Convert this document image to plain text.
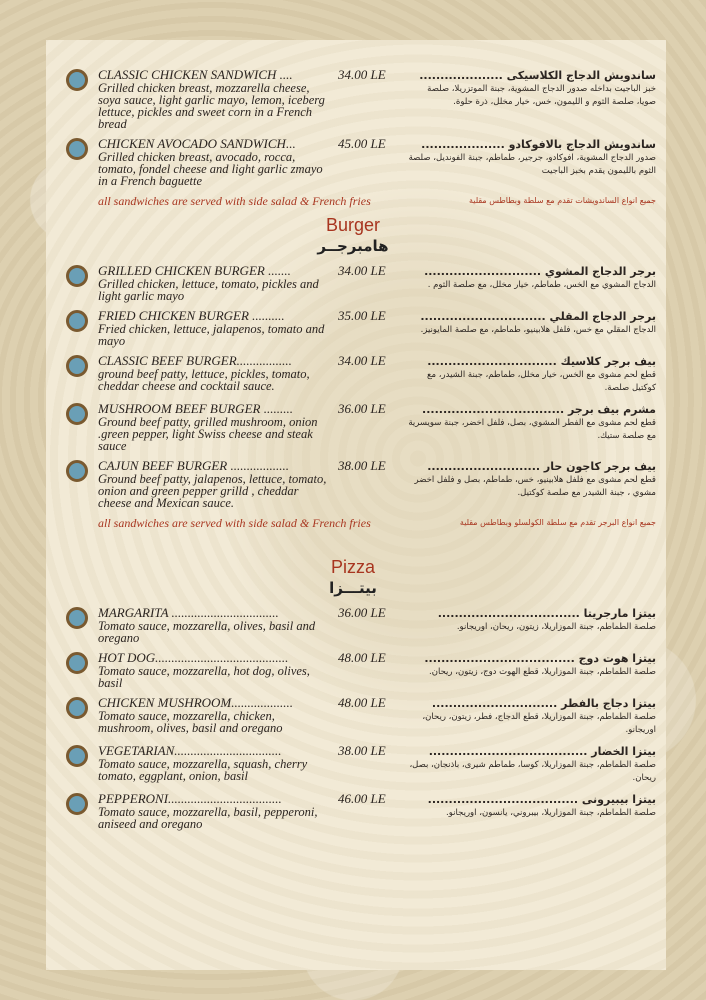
CLASSIC CHICKEN SANDWICH ....
Grilled chicken breast, mozzarella cheese, soya sauce, light garlic mayo, lemon, iceberg lettuce, pickles and sweet corn in a French bread
34.00 LE	ساندويش الدجاج الكلاسيكى ....................
خبز الباجيت بداخله صدور الدجاج المشوية، جبنة الموتزريلا، صلصة صويا، صلصة الثوم و الليمون، خس، خيار مخلل، ذرة حلوة.
CHICKEN AVOCADO SANDWICH...
Grilled chicken breast, avocado, rocca, tomato, fondel cheese and light garlic zmayo in a French baguette
45.00 LE	ساندويش الدجاج بالافوكادو ....................
صدور الدجاج المشوية، افوكادو، جرجير، طماطم، جبنة الفونديل، صلصة الثوم بالليمون يقدم بخبز الباجيت
all sandwiches are served with side salad & French fries	جميع انواع الساندويشات تقدم مع سلطة وبطاطس مقلية
Burger
هامبرجــر
GRILLED CHICKEN BURGER .......
Grilled chicken, lettuce, tomato, pickles and light garlic mayo
34.00 LE	برجر الدجاج المشوي ............................
الدجاج المشوي مع الخس، طماطم، خيار مخلل، مع صلصة الثوم .
FRIED CHICKEN BURGER ..........
Fried chicken, lettuce, jalapenos, tomato and mayo
35.00 LE	برجر الدجاج المقلي ..............................
الدجاج المقلي مع خس، فلفل هلابينيو، طماطم، مع صلصة المايونيز.
CLASSIC BEEF BURGER.................
ground beef patty, lettuce, pickles, tomato, cheddar cheese and cocktail sauce.
34.00 LE	بيف برجر كلاسيك ...............................
قطع لحم مشوى مع الخس، خيار مخلل، طماطم، جبنة الشيدر، مع كوكتيل صلصة.
MUSHROOM BEEF BURGER .........
Ground beef patty, grilled mushroom, onion .green pepper, light Swiss cheese and steak sauce
36.00 LE	مشرم بيف برجر ..................................
قطع لحم مشوى مع الفطر المشوي، بصل، فلفل اخضر، جبنة سويسرية مع صلصة ستيك.
CAJUN BEEF BURGER ..................
Ground beef patty, jalapenos, lettuce, tomato, onion and green pepper grilld , cheddar cheese and Mexican sauce.
38.00 LE	بيف برجر كاجون حار ...........................
قطع لحم مشوى مع فلفل هلابينيو، خس، طماطم، بصل و فلفل اخضر مشوي ، جبنة الشيدر مع صلصة كوكتيل.
all sandwiches are served with side salad & French fries	جميع انواع البرجر تقدم مع سلطة الكولسلو وبطاطس مقلية
Pizza
بيتـــزا
MARGARITA .................................
Tomato sauce, mozzarella, olives, basil and oregano
36.00 LE	بيتزا مارجريتا ..................................
صلصة الطماطم، جبنة الموزاريلا، زيتون، ريحان، اوريجانو.
HOT DOG.........................................
Tomato sauce, mozzarella, hot dog, olives, basil
48.00 LE	بيتزا هوت دوج ....................................
صلصة الطماطم، جبنة الموزاريلا، قطع الهوت دوج، زيتون، ريحان.
CHICKEN MUSHROOM...................
Tomato sauce, mozzarella, chicken, mushroom, olives, basil and oregano
48.00 LE	بيتزا دجاج بالفطر ..............................
صلصة الطماطم، جبنة الموزاريلا، قطع الدجاج، فطر، زيتون، ريحان، اوريجانو.
VEGETARIAN.................................
Tomato sauce, mozzarella, squash, cherry tomato, eggplant, onion, basil
38.00 LE	بيتزا الخضار ......................................
صلصة الطماطم، جبنة الموزاريلا، كوسا، طماطم شيرى، باذنجان، بصل، ريحان.
PEPPERONI...................................
Tomato sauce, mozzarella, basil, pepperoni, aniseed and oregano
46.00 LE	بيتزا بيبيرونى ....................................
صلصة الطماطم، جبنة الموزاريلا، بيبروني، يانسون، اوريجانو.
